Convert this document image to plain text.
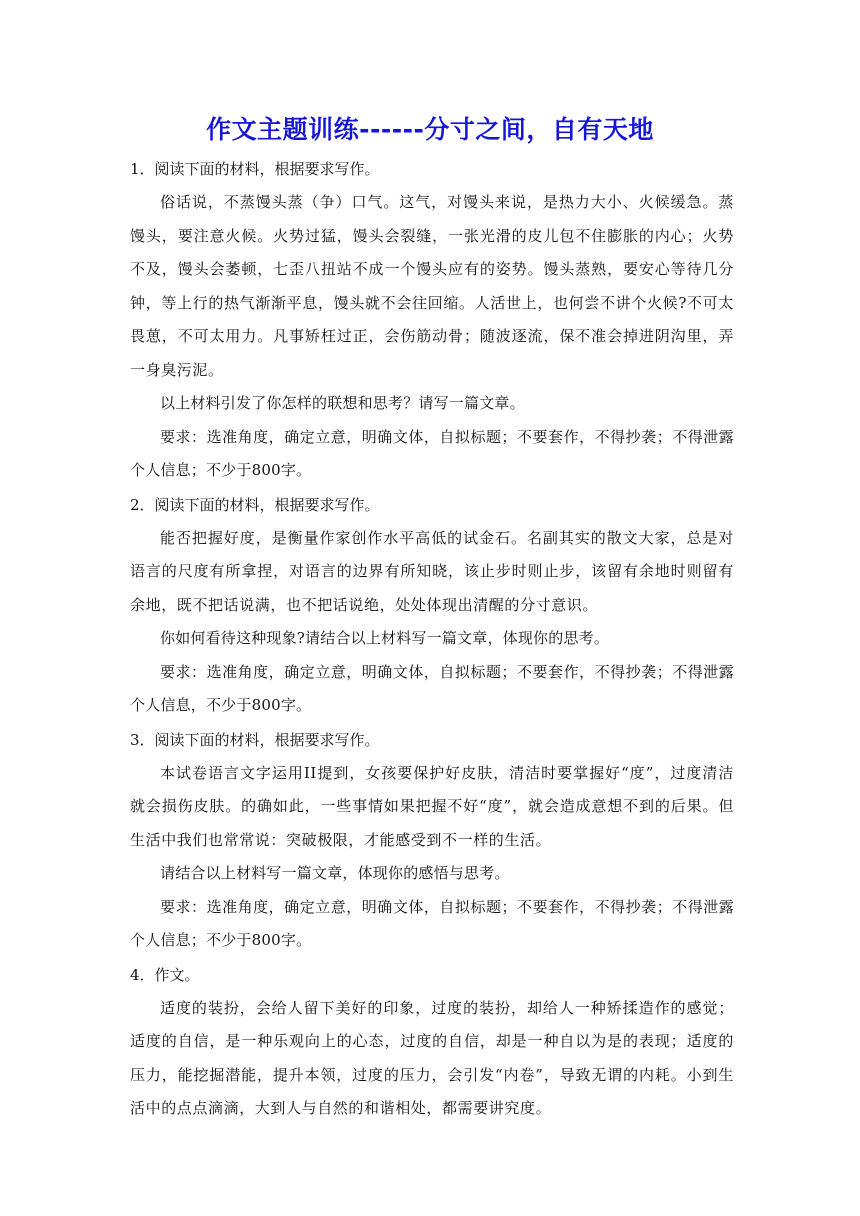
作文主题训练------分寸之间，自有天地

1．阅读下面的材料，根据要求写作。

俗话说，不蒸馒头蒸（争）口气。这气，对馒头来说，是热力大小、火候缓急。蒸馒头，要注意火候。火势过猛，馒头会裂缝，一张光滑的皮儿包不住膨胀的内心；火势不及，馒头会萎顿，七歪八扭站不成一个馒头应有的姿势。馒头蒸熟，要安心等待几分钟，等上行的热气渐渐平息，馒头就不会往回缩。人活世上，也何尝不讲个火候?不可太畏葸，不可太用力。凡事矫枉过正，会伤筋动骨；随波逐流，保不准会掉进阴沟里，弄一身臭污泥。

以上材料引发了你怎样的联想和思考？请写一篇文章。

要求：选准角度，确定立意，明确文体，自拟标题；不要套作，不得抄袭；不得泄露个人信息；不少于800字。

2．阅读下面的材料，根据要求写作。

能否把握好度，是衡量作家创作水平高低的试金石。名副其实的散文大家，总是对语言的尺度有所拿捏，对语言的边界有所知晓，该止步时则止步，该留有余地时则留有余地，既不把话说满，也不把话说绝，处处体现出清醒的分寸意识。

你如何看待这种现象?请结合以上材料写一篇文章，体现你的思考。

要求：选准角度，确定立意，明确文体，自拟标题；不要套作，不得抄袭；不得泄露个人信息，不少于800字。

3．阅读下面的材料，根据要求写作。

本试卷语言文字运用II提到，女孩要保护好皮肤，清洁时要掌握好“度”，过度清洁就会损伤皮肤。的确如此，一些事情如果把握不好“度”，就会造成意想不到的后果。但生活中我们也常常说：突破极限，才能感受到不一样的生活。

请结合以上材料写一篇文章，体现你的感悟与思考。

要求：选准角度，确定立意，明确文体，自拟标题；不要套作，不得抄袭；不得泄露个人信息；不少于800字。

4．作文。

适度的装扮，会给人留下美好的印象，过度的装扮，却给人一种矫揉造作的感觉；适度的自信，是一种乐观向上的心态，过度的自信，却是一种自以为是的表现；适度的压力，能挖掘潜能，提升本领，过度的压力，会引发“内卷”，导致无谓的内耗。小到生活中的点点滴滴，大到人与自然的和谐相处，都需要讲究度。
